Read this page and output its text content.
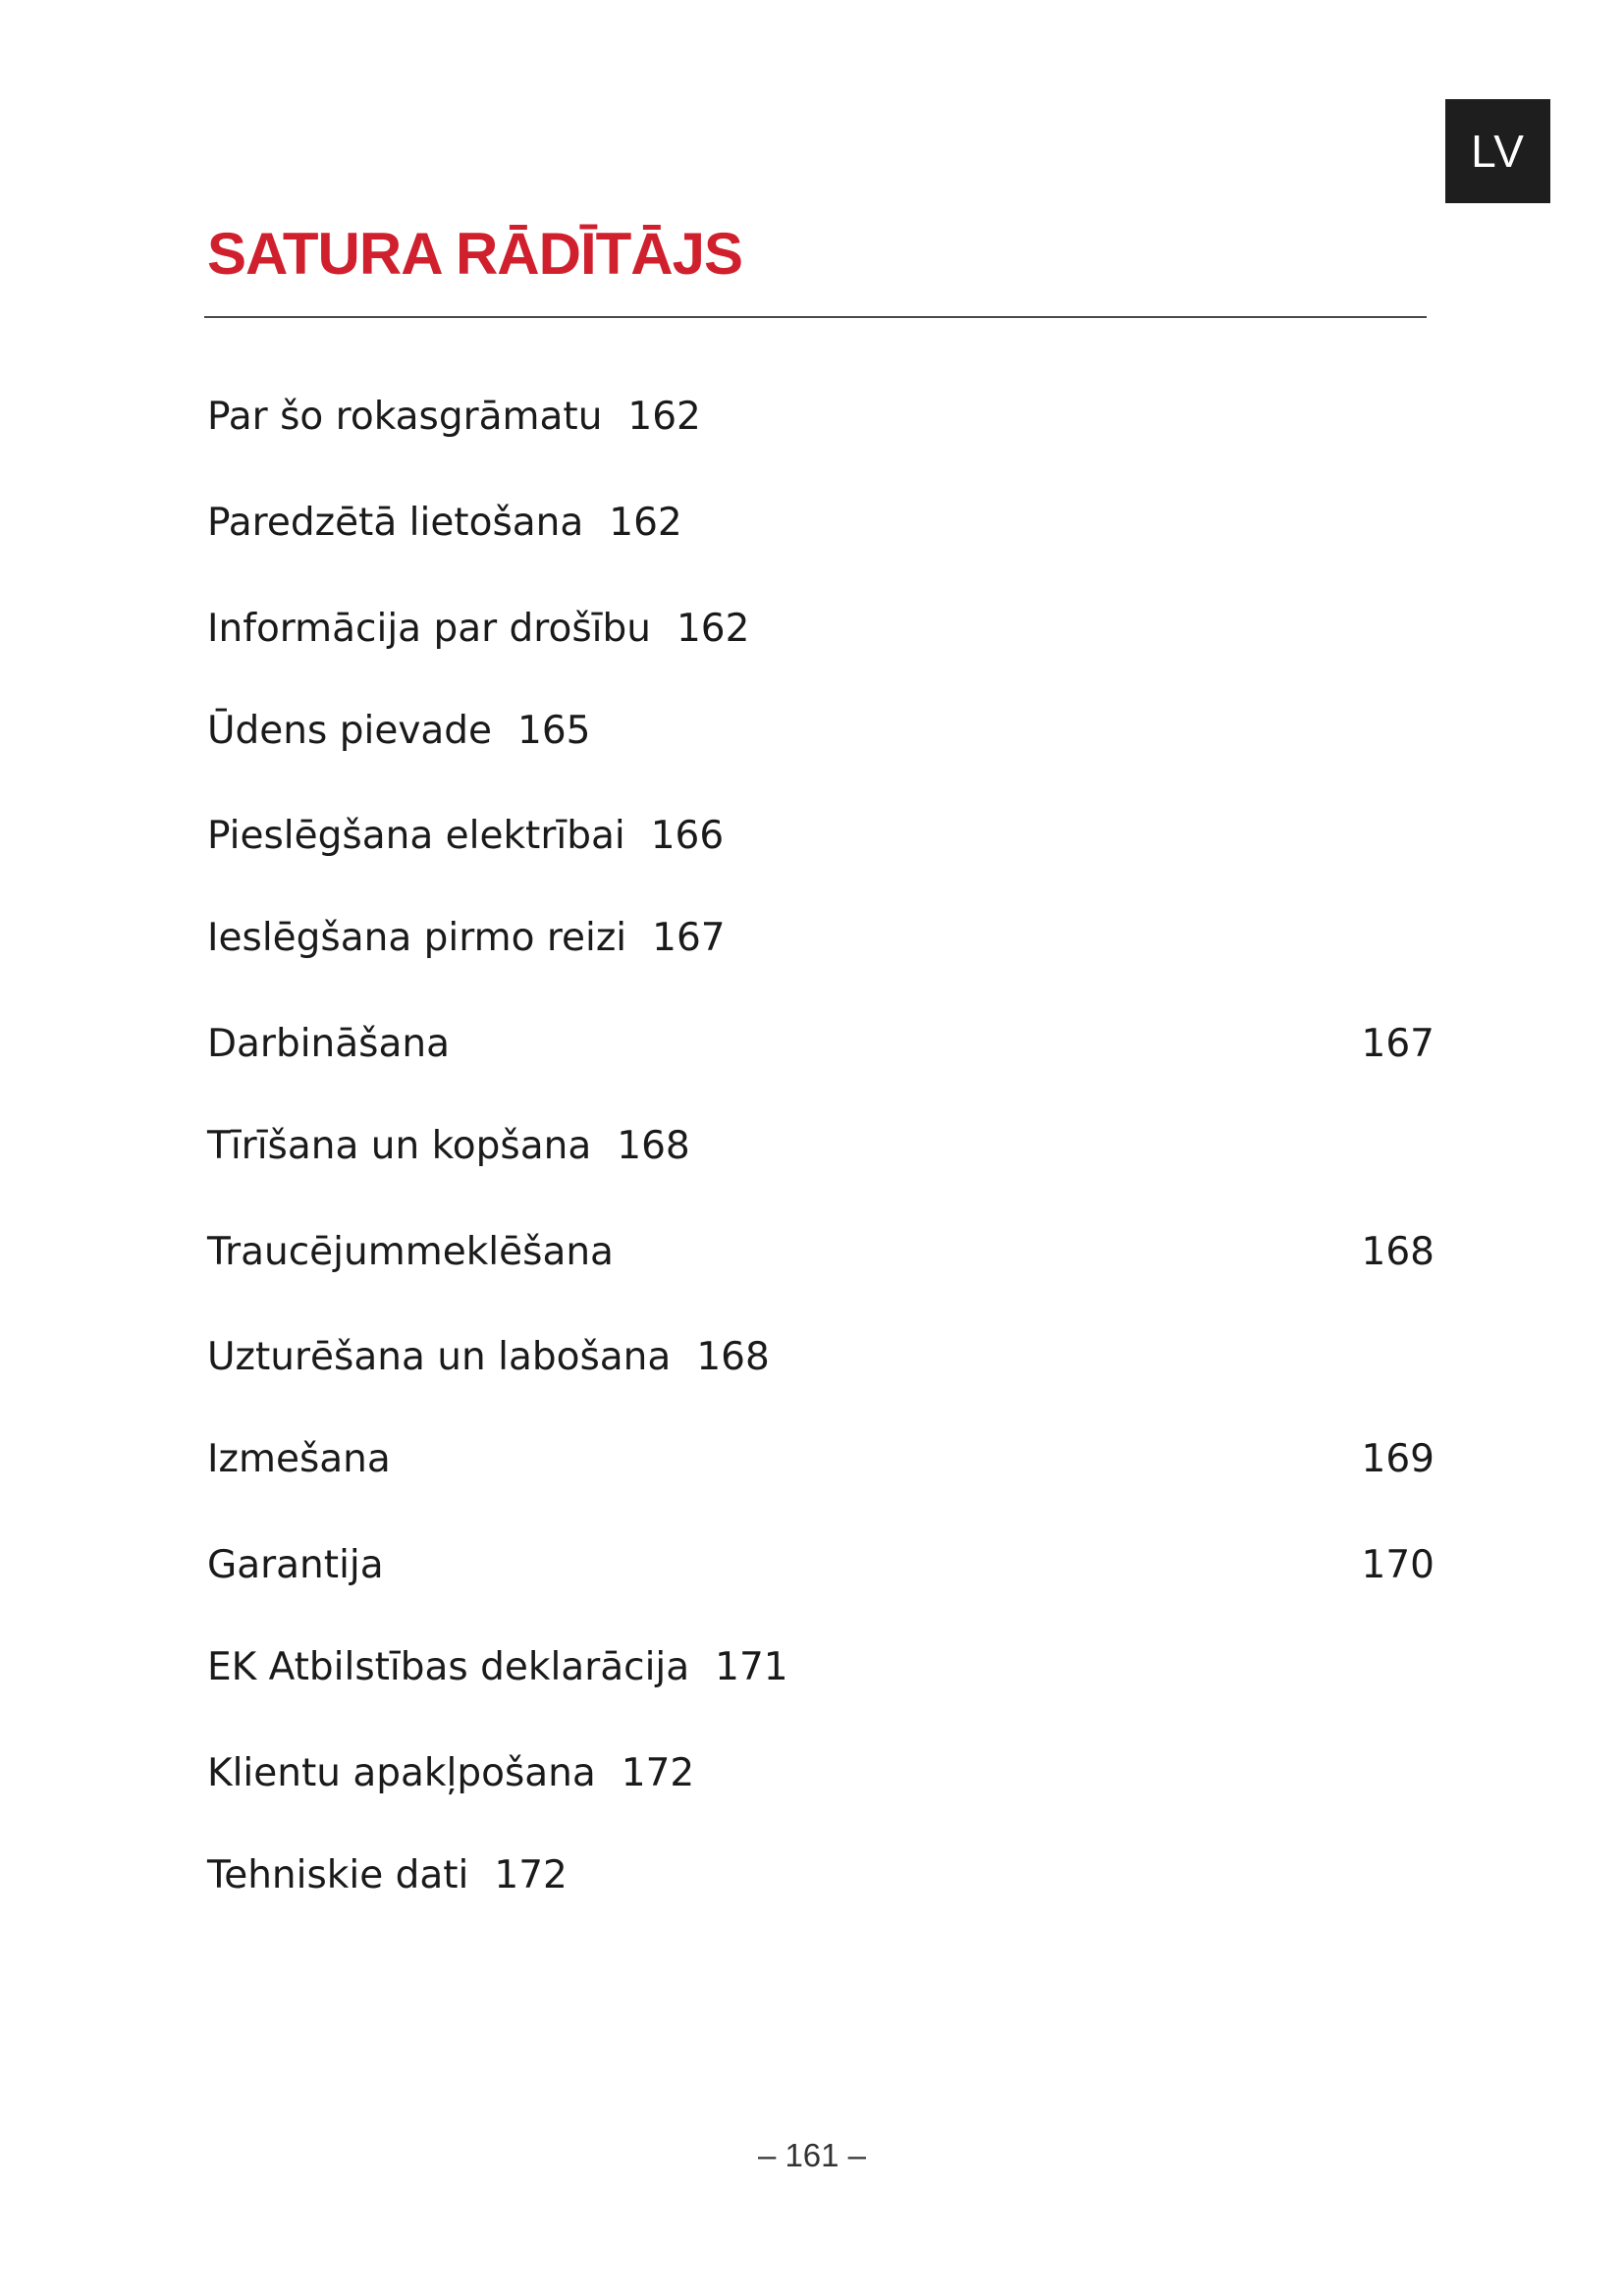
LV
SATURA RĀDĪTĀJS
Par šo rokasgrāmatu 162
Paredzētā lietošana 162
Informācija par drošību 162
Ūdens pievade 165
Pieslēgšana elektrībai 166
Ieslēgšana pirmo reizi 167
Darbināšana	167
Tīrīšana un kopšana 168
Traucējummeklēšana	168
Uzturēšana un labošana 168
Izmešana	169
Garantija	170
EK Atbilstības deklarācija 171
Klientu apakļpošana 172
Tehniskie dati 172
– 161 –
